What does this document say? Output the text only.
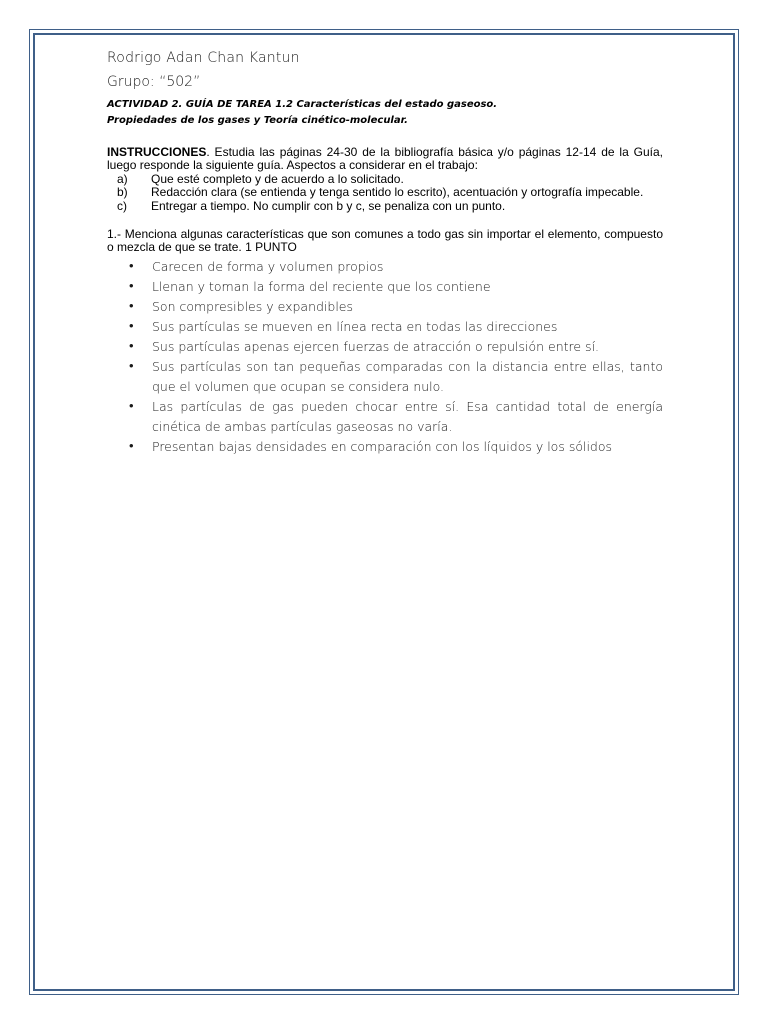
Rodrigo Adan Chan Kantun
Grupo: “502”
ACTIVIDAD 2. GUÍA DE TAREA 1.2 Características del estado gaseoso.
Propiedades de los gases y Teoría cinético-molecular.
INSTRUCCIONES. Estudia las páginas 24-30 de la bibliografía básica y/o páginas 12-14 de la Guía, luego responde la siguiente guía. Aspectos a considerar en el trabajo:
a)	Que esté completo y de acuerdo a lo solicitado.
b)	Redacción clara (se entienda y tenga sentido lo escrito), acentuación y ortografía impecable.
c)	Entregar a tiempo. No cumplir con b y c, se penaliza con un punto.
1.- Menciona algunas características que son comunes a todo gas sin importar el elemento, compuesto o mezcla de que se trate. 1 PUNTO
•	Carecen de forma y volumen propios
•	Llenan y toman la forma del reciente que los contiene
•	Son compresibles y expandibles
•	Sus partículas se mueven en línea recta en todas las direcciones
•	Sus partículas apenas ejercen fuerzas de atracción o repulsión entre sí.
•	Sus partículas son tan pequeñas comparadas con la distancia entre ellas, tanto que el volumen que ocupan se considera nulo.
•	Las partículas de gas pueden chocar entre sí. Esa cantidad total de energía cinética de ambas partículas gaseosas no varía.
•	Presentan bajas densidades en comparación con los líquidos y los sólidos
